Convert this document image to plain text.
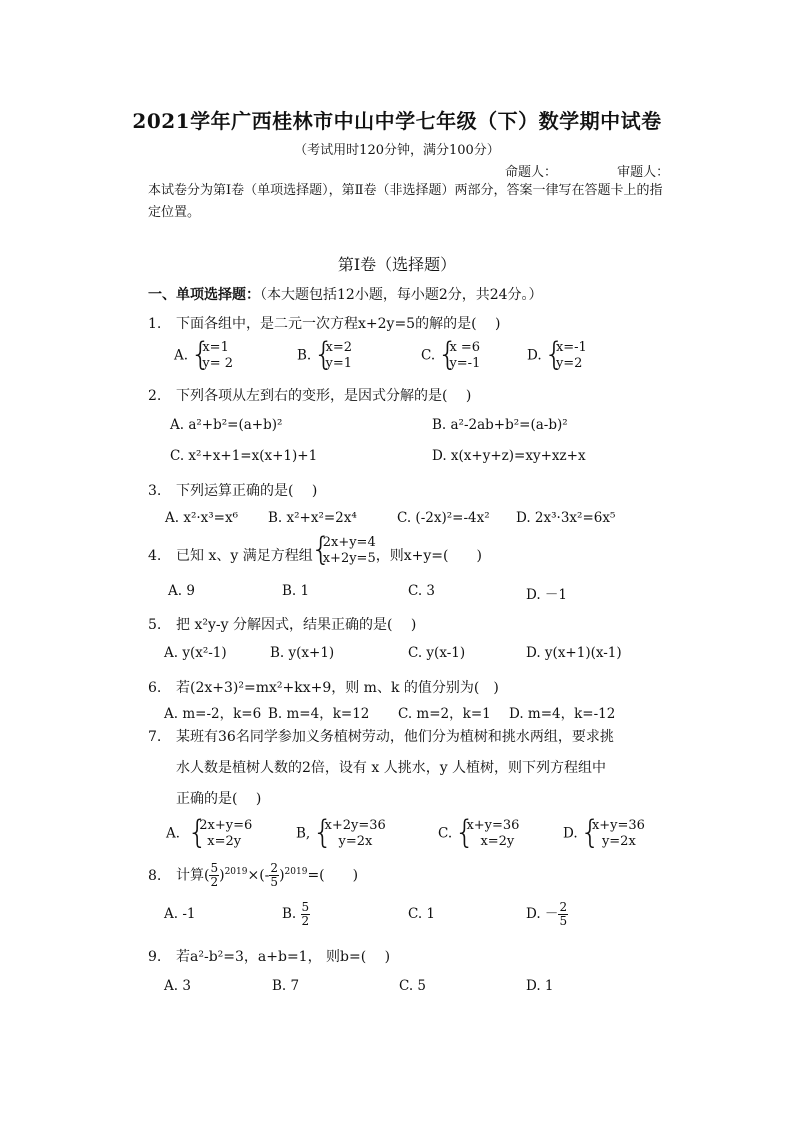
2021学年广西桂林市中山中学七年级（下）数学期中试卷
（考试用时120分钟，满分100分）
命题人：	审题人：
本试卷分为第Ⅰ卷（单项选择题），第Ⅱ卷（非选择题）两部分，答案一律写在答题卡上的指定位置。
第Ⅰ卷（选择题）
一、单项选择题：（本大题包括12小题，每小题2分，共24分。）
1. 下面各组中，是二元一次方程x+2y=5的解的是(　 )
A. { x=1
y= 2	B. { x=2
y=1	C. { x =6
y=-1	D. { x=-1
y=2
2. 下列各项从左到右的变形，是因式分解的是(　 )
A. a²+b²=(a+b)²	B. a²-2ab+b²=(a-b)²
C. x²+x+1=x(x+1)+1	D. x(x+y+z)=xy+xz+x
3. 下列运算正确的是(　 )
A. x²·x³=x⁶ B. x²+x²=2x⁴	C. (-2x)²=-4x² D. 2x³·3x²=6x⁵
4. 已知 x、y 满足方程组
{ 2x+y=4
x+2y=5 ，则x+y=(　　)
A. 9	B. 1	C. 3	D. －1
5. 把 x²y-y 分解因式，结果正确的是(　 )
A. y(x²-1)	B. y(x+1)	C. y(x-1)	D. y(x+1)(x-1)
6. 若(2x+3)²=mx²+kx+9，则 m、k 的值分别为(　)
A. m=-2，k=6 B. m=4，k=12 C. m=2，k=1 D. m=4，k=-12
7. 某班有36名同学参加义务植树劳动，他们分为植树和挑水两组，要求挑
水人数是植树人数的2倍，设有 x 人挑水，y 人植树，则下列方程组中
正确的是(　 )
A． { 2x+y=6
x=2y	B, { x+2y=36
y=2x	C. { x+y=36
x=2y	D. { x+y=36
y=2x
8. 计算( $\frac{5}{2} )^{2019}\times(- \frac{2}{5} )^{2019}=$(　　)
A. -1	B. $\frac{5}{2}$	C. 1	D. － $\frac{2}{5}$
9. 若a²-b²=3，a+b=1， 则b=(　 )
A. 3	B. 7	C. 5	D. 1
